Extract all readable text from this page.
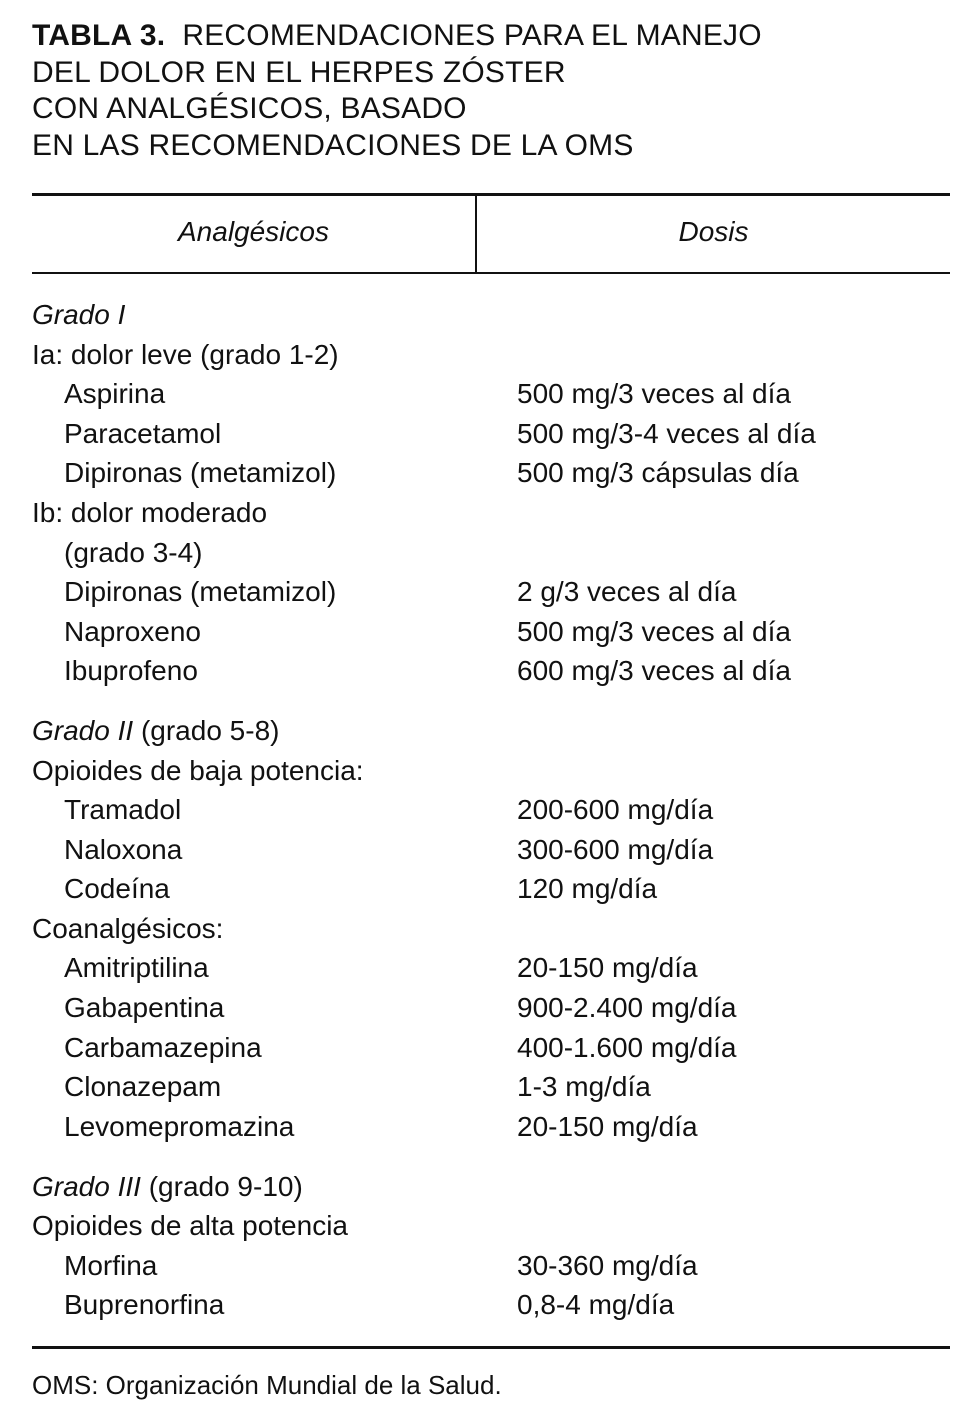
TABLA 3. RECOMENDACIONES PARA EL MANEJO
DEL DOLOR EN EL HERPES ZÓSTER
CON ANALGÉSICOS, BASADO
EN LAS RECOMENDACIONES DE LA OMS
Analgésicos	Dosis
Grado I
Ia: dolor leve (grado 1-2)
Aspirina	500 mg/3 veces al día
Paracetamol	500 mg/3-4 veces al día
Dipironas (metamizol)	500 mg/3 cápsulas día
Ib: dolor moderado
(grado 3-4)
Dipironas (metamizol)	2 g/3 veces al día
Naproxeno	500 mg/3 veces al día
Ibuprofeno	600 mg/3 veces al día
Grado II (grado 5-8)
Opioides de baja potencia:
Tramadol	200-600 mg/día
Naloxona	300-600 mg/día
Codeína	120 mg/día
Coanalgésicos:
Amitriptilina	20-150 mg/día
Gabapentina	900-2.400 mg/día
Carbamazepina	400-1.600 mg/día
Clonazepam	1-3 mg/día
Levomepromazina	20-150 mg/día
Grado III (grado 9-10)
Opioides de alta potencia
Morfina	30-360 mg/día
Buprenorfina	0,8-4 mg/día
OMS: Organización Mundial de la Salud.
